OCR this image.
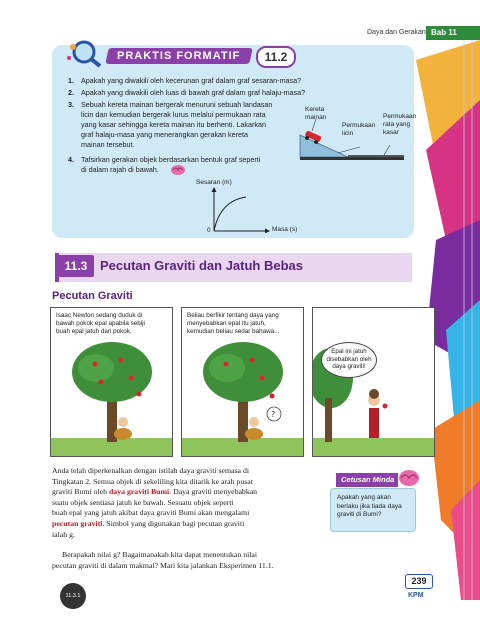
Daya dan Gerakan Bab 11
PRAKTIS FORMATIF	11.2
1. Apakah yang diwakili oleh kecerunan graf dalam graf sesaran-masa?
2. Apakah yang diwakili oleh luas di bawah graf dalam graf halaju-masa?
3. Sebuah kereta mainan bergerak menuruni sebuah landasan
licin dan kemudian bergerak lurus melalui permukaan rata
yang kasar sehingga kereta mainan itu berhenti. Lakarkan
graf halaju-masa yang menerangkan gerakan kereta
mainan tersebut.
4. Tafsirkan gerakan objek berdasarkan bentuk graf seperti
di dalam rajah di bawah.
Kereta
mainan
Permukaan
licin
Permukaan
rata yang
kasar
Sesaran (m)
0	Masa (s)
11.3 Pecutan Graviti dan Jatuh Bebas
Pecutan Graviti
Isaac Newton sedang duduk di
bawah pokok epal apabila sebiji
buah epal jatuh dari pokok.
Beliau berfikir tentang daya yang
menyebabkan epal itu jatuh,
kemudian beliau sedar bahawa...
?
Epal ini jatuh
disebabkan oleh
daya graviti!
Anda telah diperkenalkan dengan istilah daya graviti semasa di
Tingkatan 2. Semua objek di sekeliling kita ditarik ke arah pusat
graviti Bumi oleh daya graviti Bumi. Daya graviti menyebabkan
suatu objek sentiasa jatuh ke bawah. Sesuatu objek seperti
buah epal yang jatuh akibat daya graviti Bumi akan mengalami
pecutan graviti. Simbol yang digunakan bagi pecutan graviti
ialah g.
Berapakah nilai g? Bagaimanakah kita dapat menentukan nilai
pecutan graviti di dalam makmal? Mari kita jalankan Eksperimen 11.1.
Cetusan Minda
Apakah yang akan
berlaku jika tiada daya
graviti di Bumi?
11.3.1
239
KPM
